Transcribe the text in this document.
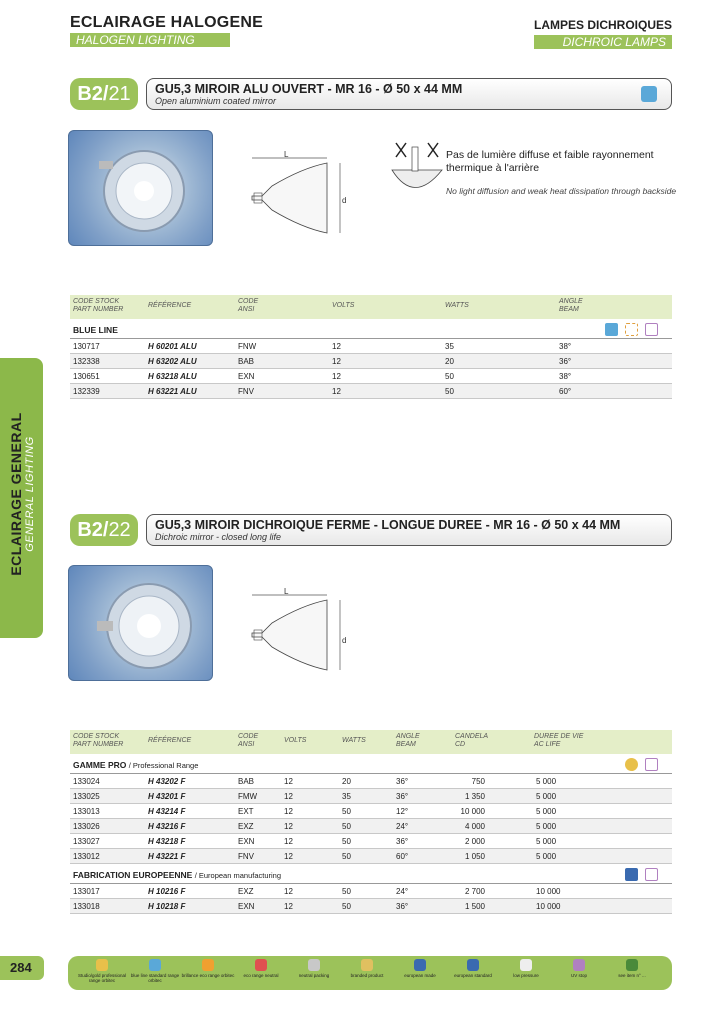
ECLAIRAGE HALOGENE
HALOGEN LIGHTING
LAMPES DICHROIQUES
DICHROIC LAMPS
ECLAIRAGE GENERAL GENERAL LIGHTING
B2/21	GU5,3 MIROIR ALU OUVERT - MR 16 - Ø 50 x 44 MM
Open aluminium coated mirror
L
d
Pas de lumière diffuse et faible rayonnement thermique à l'arrière
No light diffusion and weak heat dissipation through backside
CODE STOCK
PART NUMBER
RÉFÉRENCE
CODE
ANSI
VOLTS	WATTS
ANGLE
BEAM
BLUE LINE
130717	H 60201 ALU	FNW	12	35	38°
132338	H 63202 ALU	BAB	12	20	36°
130651	H 63218 ALU	EXN	12	50	38°
132339	H 63221 ALU	FNV	12	50	60°
B2/22	GU5,3 MIROIR DICHROIQUE FERME - LONGUE DUREE - MR 16 - Ø 50 x 44 MM
Dichroic mirror - closed long life
L
d
CODE STOCK
PART NUMBER
RÉFÉRENCE
CODE
ANSI
VOLTS	WATTS
ANGLE
BEAM
CANDELA
CD
DUREE DE VIE
AC LIFE
GAMME PRO / Professional Range
133024	H 43202 F	BAB	12	20	36°	750	5 000
133025	H 43201 F	FMW	12	35	36°	1 350	5 000
133013	H 43214 F	EXT	12	50	12°	10 000	5 000
133026	H 43216 F	EXZ	12	50	24°	4 000	5 000
133027	H 43218 F	EXN	12	50	36°	2 000	5 000
133012	H 43221 F	FNV	12	50	60°	1 050	5 000
FABRICATION EUROPEENNE / European manufacturing
133017	H 10216 F	EXZ	12	50	24°	2 700	10 000
133018	H 10218 F	EXN	12	50	36°	1 500	10 000
284
Studio/gold professional range orbitec
blue line standard range orbitec
brillance eco range orbitec	eco range neutral	neutral packing	branded product	european made	european standard	low pressure	UV stop	see item n° ...
